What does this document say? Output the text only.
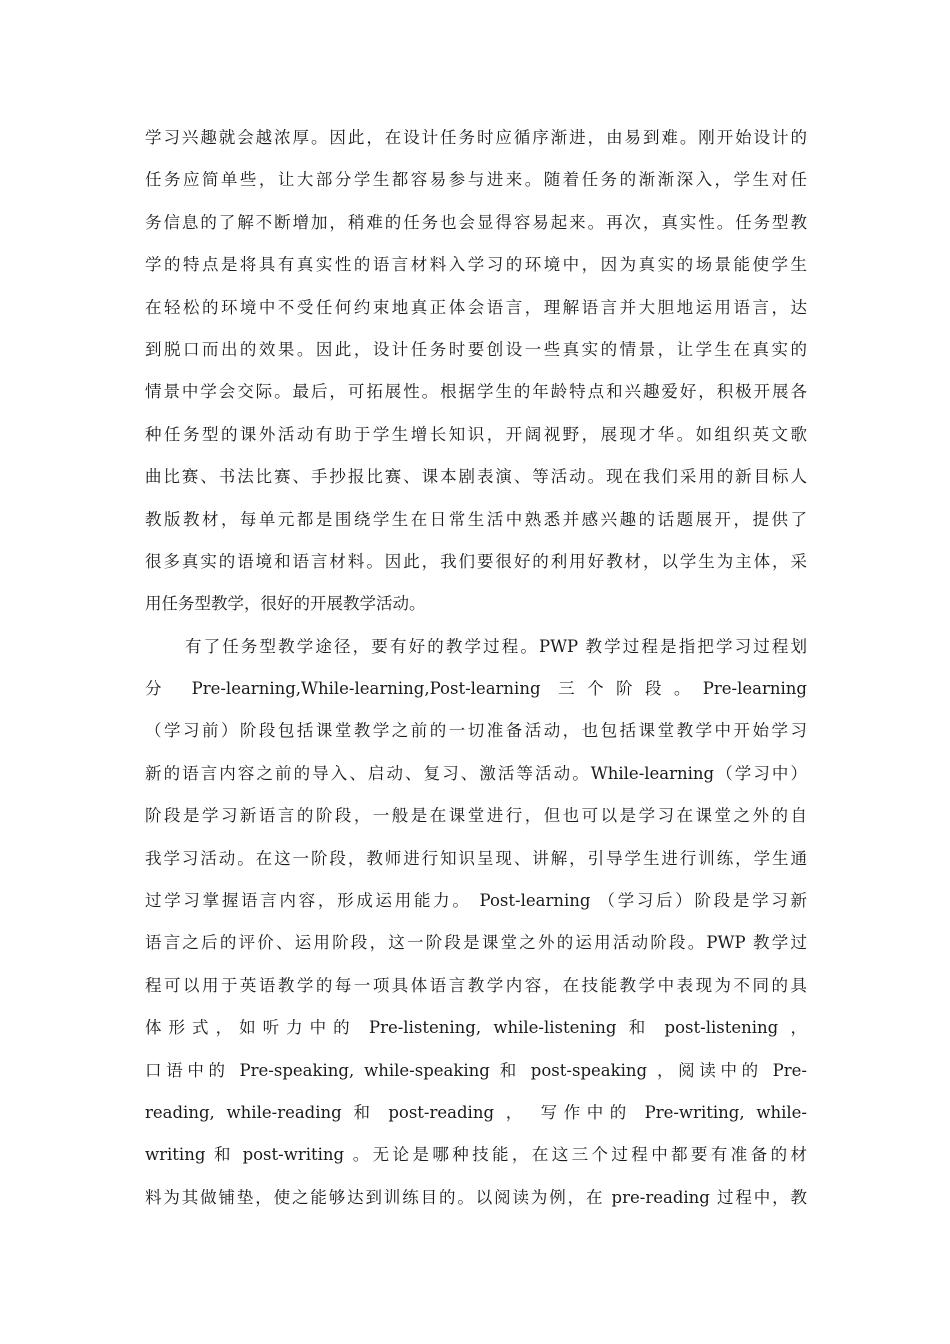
学习兴趣就会越浓厚。因此，在设计任务时应循序渐进，由易到难。刚开始设计的
任务应简单些，让大部分学生都容易参与进来。随着任务的渐渐深入，学生对任
务信息的了解不断增加，稍难的任务也会显得容易起来。再次，真实性。任务型教
学的特点是将具有真实性的语言材料入学习的环境中，因为真实的场景能使学生
在轻松的环境中不受任何约束地真正体会语言，理解语言并大胆地运用语言，达
到脱口而出的效果。因此，设计任务时要创设一些真实的情景，让学生在真实的
情景中学会交际。最后，可拓展性。根据学生的年龄特点和兴趣爱好，积极开展各
种任务型的课外活动有助于学生增长知识，开阔视野，展现才华。如组织英文歌
曲比赛、书法比赛、手抄报比赛、课本剧表演、等活动。现在我们采用的新目标人
教版教材，每单元都是围绕学生在日常生活中熟悉并感兴趣的话题展开，提供了
很多真实的语境和语言材料。因此，我们要很好的利用好教材，以学生为主体，采
用任务型教学，很好的开展教学活动。
有了任务型教学途径，要有好的教学过程。PWP 教学过程是指把学习过程划
分 Pre-learning,While-learning,Post-learning 三个阶段。Pre-learning
（学习前）阶段包括课堂教学之前的一切准备活动，也包括课堂教学中开始学习
新的语言内容之前的导入、启动、复习、激活等活动。While-learning（学习中）
阶段是学习新语言的阶段，一般是在课堂进行，但也可以是学习在课堂之外的自
我学习活动。在这一阶段，教师进行知识呈现、讲解，引导学生进行训练，学生通
过学习掌握语言内容，形成运用能力。 Post-learning （学习后）阶段是学习新
语言之后的评价、运用阶段，这一阶段是课堂之外的运用活动阶段。PWP 教学过
程可以用于英语教学的每一项具体语言教学内容，在技能教学中表现为不同的具
体形式，如听力中的 Pre-listening, while-listening 和 post-listening ，
口语中的 Pre-speaking, while-speaking 和 post-speaking ，阅读中的 Pre-
reading, while-reading 和 post-reading ， 写作中的 Pre-writing, while-
writing 和 post-writing 。无论是哪种技能，在这三个过程中都要有准备的材
料为其做铺垫，使之能够达到训练目的。以阅读为例，在 pre-reading 过程中，教
